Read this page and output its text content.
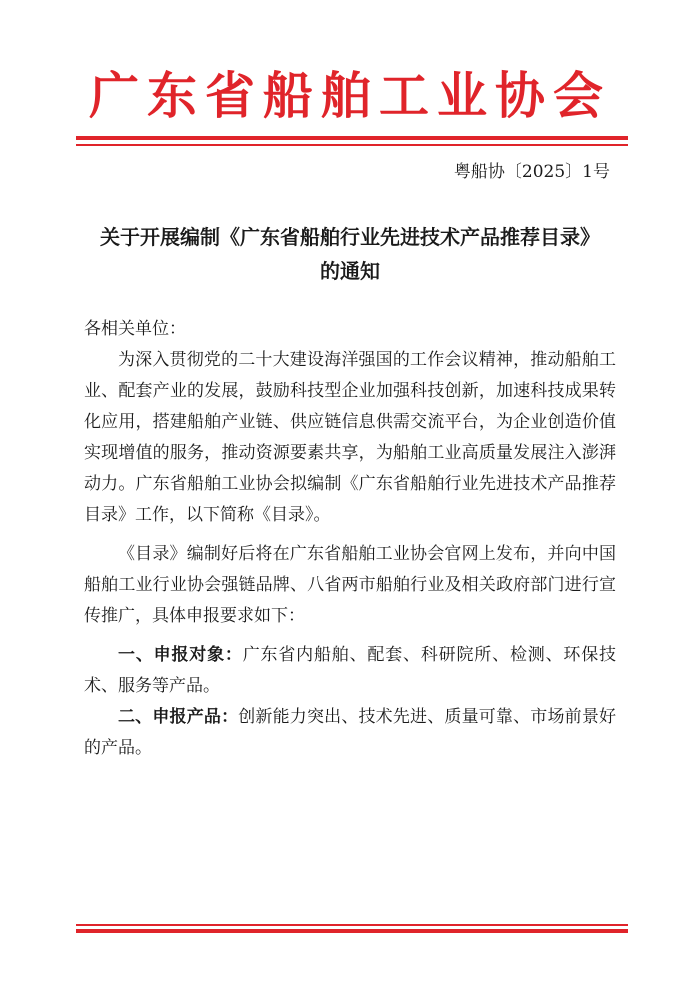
广东省船舶工业协会
粤船协〔2025〕1号
关于开展编制《广东省船舶行业先进技术产品推荐目录》
的通知

各相关单位：

为深入贯彻党的二十大建设海洋强国的工作会议精神，推动船舶工业、配套产业的发展，鼓励科技型企业加强科技创新，加速科技成果转化应用，搭建船舶产业链、供应链信息供需交流平台，为企业创造价值实现增值的服务，推动资源要素共享，为船舶工业高质量发展注入澎湃动力。广东省船舶工业协会拟编制《广东省船舶行业先进技术产品推荐目录》工作，以下简称《目录》。

《目录》编制好后将在广东省船舶工业协会官网上发布，并向中国船舶工业行业协会强链品牌、八省两市船舶行业及相关政府部门进行宣传推广，具体申报要求如下：

一、申报对象：广东省内船舶、配套、科研院所、检测、环保技术、服务等产品。

二、申报产品：创新能力突出、技术先进、质量可靠、市场前景好的产品。
